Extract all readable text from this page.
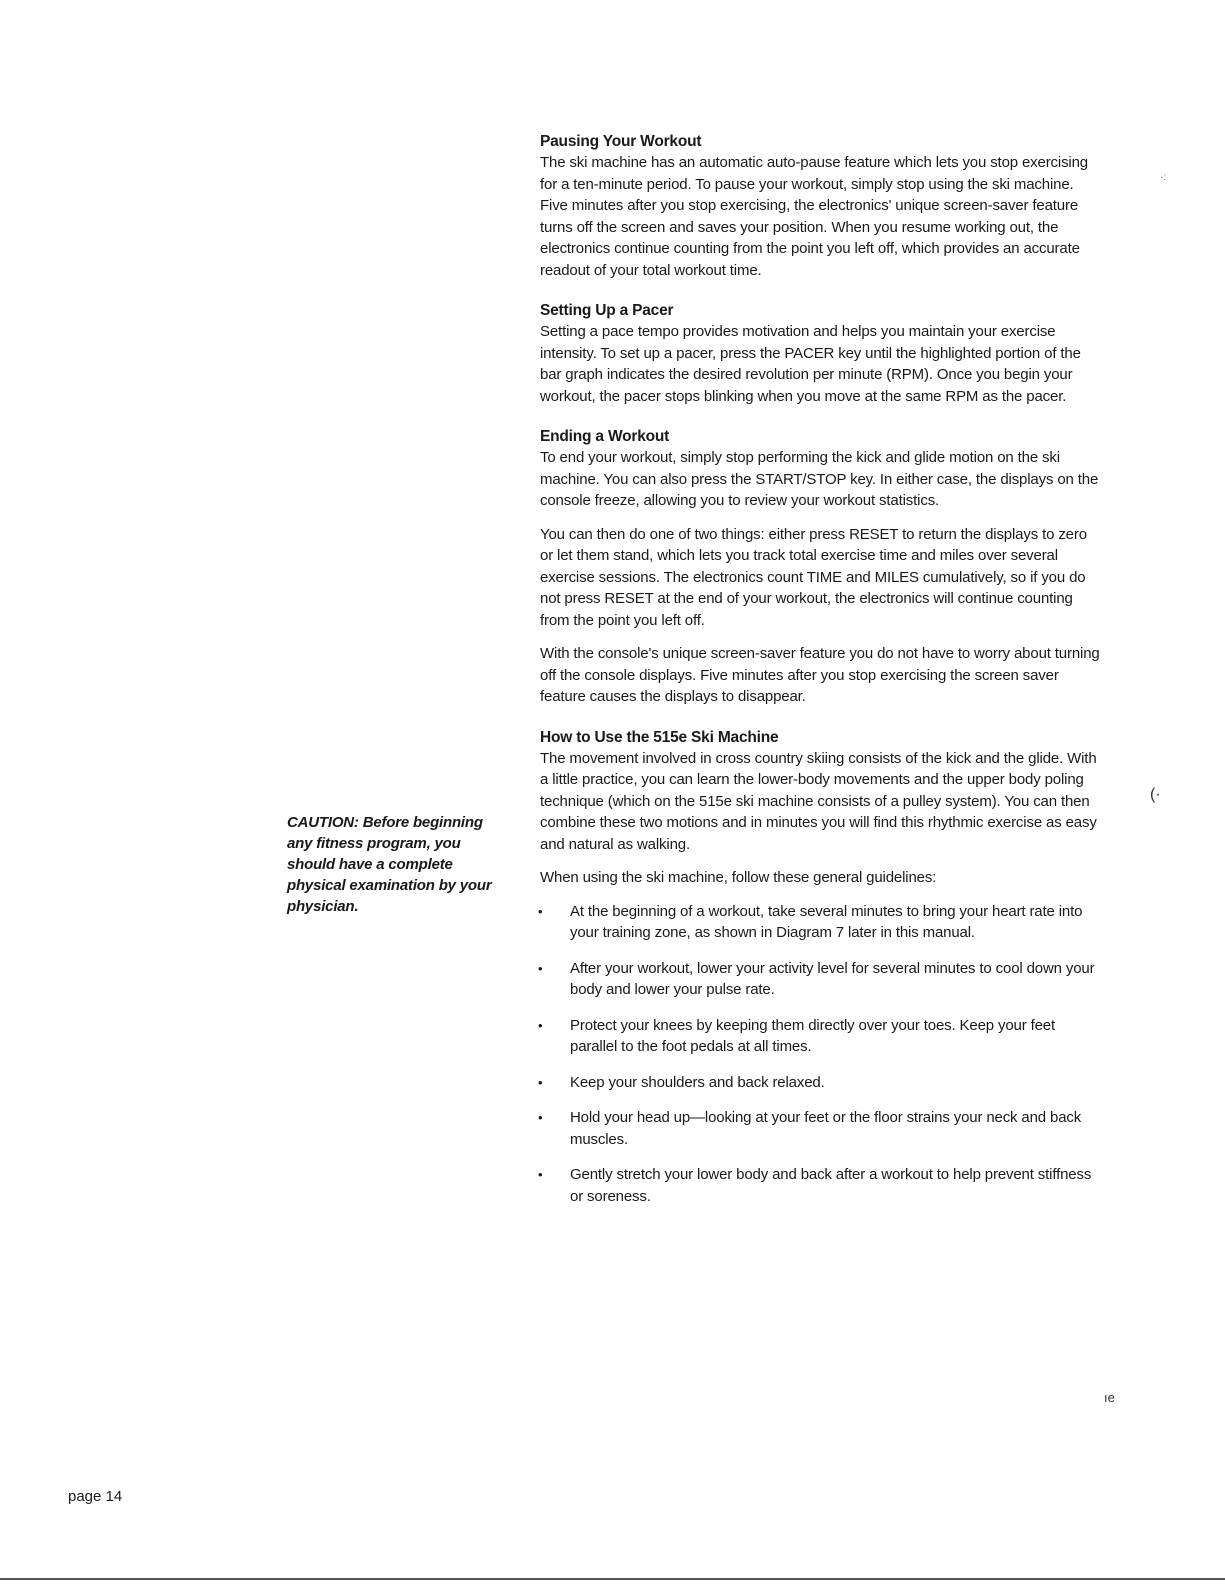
Pausing Your Workout

The ski machine has an automatic auto-pause feature which lets you stop exercising for a ten-minute period. To pause your workout, simply stop using the ski machine. Five minutes after you stop exercising, the electronics' unique screen-saver feature turns off the screen and saves your position. When you resume working out, the electronics continue counting from the point you left off, which provides an accurate readout of your total workout time.

Setting Up a Pacer

Setting a pace tempo provides motivation and helps you maintain your exercise intensity. To set up a pacer, press the PACER key until the highlighted portion of the bar graph indicates the desired revolution per minute (RPM). Once you begin your workout, the pacer stops blinking when you move at the same RPM as the pacer.

Ending a Workout

To end your workout, simply stop performing the kick and glide motion on the ski machine. You can also press the START/STOP key. In either case, the displays on the console freeze, allowing you to review your workout statistics.

You can then do one of two things: either press RESET to return the displays to zero or let them stand, which lets you track total exercise time and miles over several exercise sessions. The electronics count TIME and MILES cumulatively, so if you do not press RESET at the end of your workout, the electronics will continue counting from the point you left off.

With the console's unique screen-saver feature you do not have to worry about turning off the console displays. Five minutes after you stop exercising the screen saver feature causes the displays to disappear.

How to Use the 515e Ski Machine

The movement involved in cross country skiing consists of the kick and the glide. With a little practice, you can learn the lower-body movements and the upper body poling technique (which on the 515e ski machine consists of a pulley system). You can then combine these two motions and in minutes you will find this rhythmic exercise as easy and natural as walking.

When using the ski machine, follow these general guidelines:

• At the beginning of a workout, take several minutes to bring your heart rate into your training zone, as shown in Diagram 7 later in this manual.
• After your workout, lower your activity level for several minutes to cool down your body and lower your pulse rate.
• Protect your knees by keeping them directly over your toes. Keep your feet parallel to the foot pedals at all times.
• Keep your shoulders and back relaxed.
• Hold your head up—looking at your feet or the floor strains your neck and back muscles.
• Gently stretch your lower body and back after a workout to help prevent stiffness or soreness.
CAUTION: Before beginning any fitness program, you should have a complete physical examination by your physician.
·:
(·
ıe
page 14
